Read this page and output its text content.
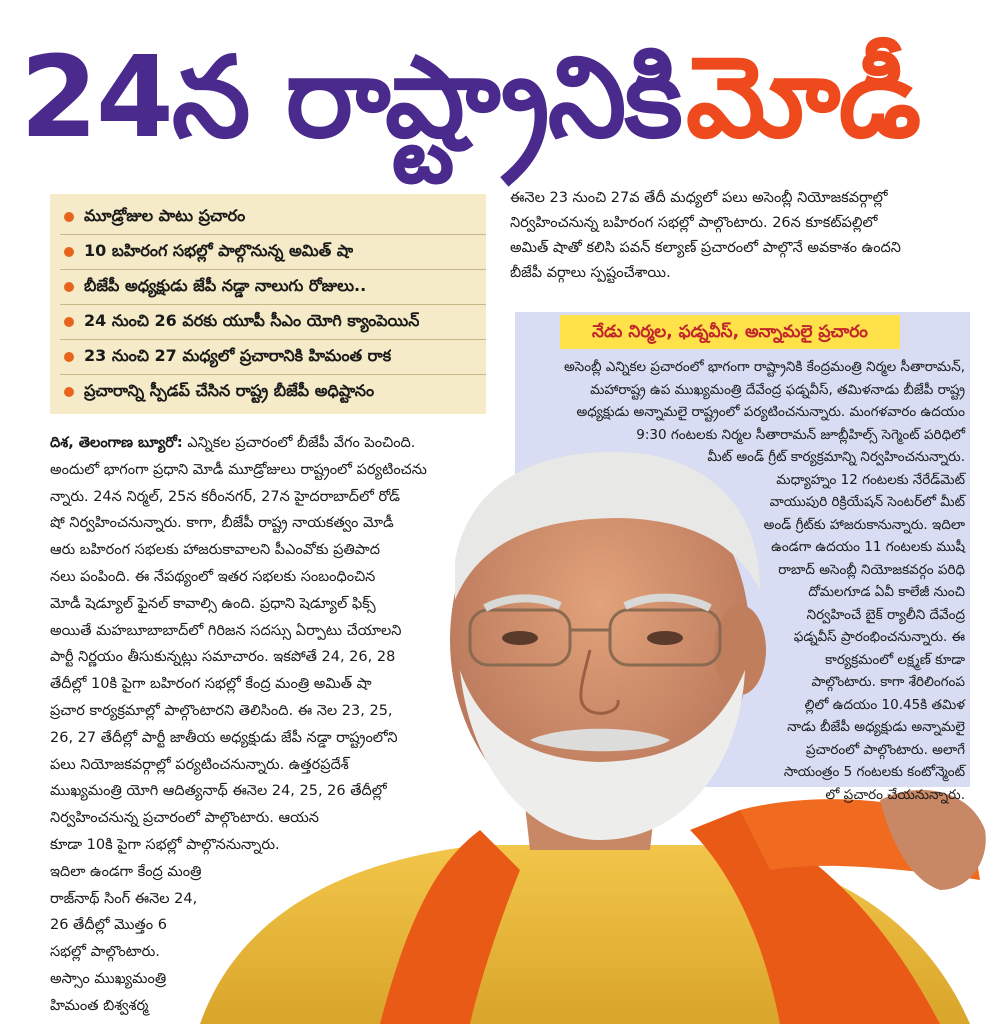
24న రాష్ట్రానికి మోడీ
మూడ్రోజుల పాటు ప్రచారం
10 బహిరంగ సభల్లో పాల్గొనున్న అమిత్ షా
బీజేపీ అధ్యక్షుడు జేపీ నడ్డా నాలుగు రోజులు..
24 నుంచి 26 వరకు యూపీ సీఎం యోగి క్యాంపెయిన్
23 నుంచి 27 మధ్యలో ప్రచారానికి హిమంత రాక
ప్రచారాన్ని స్పీడప్ చేసిన రాష్ట్ర బీజేపీ అధిష్టానం

ఈనెల 23 నుంచి 27వ తేదీ మధ్యలో పలు అసెంబ్లీ నియోజకవర్గాల్లో

నిర్వహించనున్న బహిరంగ సభల్లో పాల్గొంటారు. 26న కూకట్‌పల్లిలో

అమిత్ షాతో కలిసి పవన్ కల్యాణ్ ప్రచారంలో పాల్గొనే అవకాశం ఉందని

బీజేపీ వర్గాలు స్పష్టంచేశాయి.

నేడు నిర్మల, ఫడ్నవీస్, అన్నామలై ప్రచారం

అసెంబ్లీ ఎన్నికల ప్రచారంలో భాగంగా రాష్ట్రానికి కేంద్రమంత్రి నిర్మల సీతారామన్,

మహారాష్ట్ర ఉప ముఖ్యమంత్రి దేవేంద్ర ఫడ్నవీస్, తమిళనాడు బీజేపీ రాష్ట్ర

అధ్యక్షుడు అన్నామలై రాష్ట్రంలో పర్యటించనున్నారు. మంగళవారం ఉదయం

9:30 గంటలకు నిర్మల సీతారామన్ జూబ్లీహిల్స్ సెగ్మెంట్ పరిధిలో

మీట్ అండ్ గ్రీట్ కార్యక్రమాన్ని నిర్వహించనున్నారు.

మధ్యాహ్నం 12 గంటలకు నేరేడ్‌మెట్

వాయుపురి రిక్రియేషన్ సెంటర్‌లో మీట్

అండ్ గ్రీట్‌కు హాజరుకానున్నారు. ఇదిలా

ఉండగా ఉదయం 11 గంటలకు ముషీ

రాబాద్ అసెంబ్లీ నియోజకవర్గం పరిధి

దోమలగూడ ఏవీ కాలేజీ నుంచి

నిర్వహించే బైక్ ర్యాలీని దేవేంద్ర

ఫడ్నవీస్ ప్రారంభించనున్నారు. ఈ

కార్యక్రమంలో లక్ష్మణ్ కూడా

పాల్గొంటారు. కాగా శేరిలింగంప

ల్లిలో ఉదయం 10.45కి తమిళ

నాడు బీజేపీ అధ్యక్షుడు అన్నామలై

ప్రచారంలో పాల్గొంటారు. అలాగే

సాయంత్రం 5 గంటలకు కంటోన్మెంట్

లో ప్రచారం చేయనున్నారు.

దిశ, తెలంగాణ బ్యూరో: ఎన్నికల ప్రచారంలో బీజేపీ వేగం పెంచింది.

అందులో భాగంగా ప్రధాని మోడీ మూడ్రోజులు రాష్ట్రంలో పర్యటించను

న్నారు. 24న నిర్మల్, 25న కరీంనగర్, 27న హైదరాబాద్‌లో రోడ్

షో నిర్వహించనున్నారు. కాగా, బీజేపీ రాష్ట్ర నాయకత్వం మోడీ

ఆరు బహిరంగ సభలకు హాజరుకావాలని పీఎంవోకు ప్రతిపాద

నలు పంపింది. ఈ నేపథ్యంలో ఇతర సభలకు సంబంధించిన

మోడీ షెడ్యూల్ ఫైనల్ కావాల్సి ఉంది. ప్రధాని షెడ్యూల్ ఫిక్స్

అయితే మహబూబాబాద్‌లో గిరిజన సదస్సు ఏర్పాటు చేయాలని

పార్టీ నిర్ణయం తీసుకున్నట్లు సమాచారం. ఇకపోతే 24, 26, 28

తేదీల్లో 10కి పైగా బహిరంగ సభల్లో కేంద్ర మంత్రి అమిత్ షా

ప్రచార కార్యక్రమాల్లో పాల్గొంటారని తెలిసింది. ఈ నెల 23, 25,

26, 27 తేదీల్లో పార్టీ జాతీయ అధ్యక్షుడు జేపీ నడ్డా రాష్ట్రంలోని

పలు నియోజకవర్గాల్లో పర్యటించనున్నారు. ఉత్తరప్రదేశ్

ముఖ్యమంత్రి యోగి ఆదిత్యనాథ్ ఈనెల 24, 25, 26 తేదీల్లో

నిర్వహించనున్న ప్రచారంలో పాల్గొంటారు. ఆయన

కూడా 10కి పైగా సభల్లో పాల్గొననున్నారు.

ఇదిలా ఉండగా కేంద్ర మంత్రి

రాజ్‌నాథ్ సింగ్ ఈనెల 24,

26 తేదీల్లో మొత్తం 6

సభల్లో పాల్గొంటారు.

అస్సాం ముఖ్యమంత్రి

హిమంత బిశ్వశర్మ
